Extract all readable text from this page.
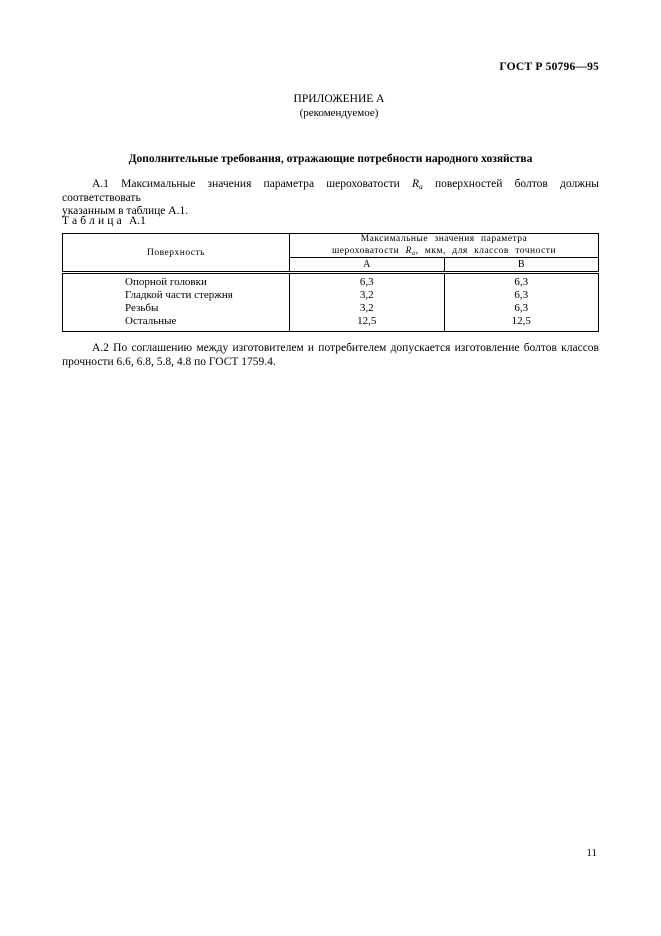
ГОСТ Р 50796—95
ПРИЛОЖЕНИЕ А
(рекомендуемое)
Дополнительные требования, отражающие потребности народного хозяйства
А.1 Максимальные значения параметра шероховатости $R_a$ поверхностей болтов должны соответствовать
указанным в таблице А.1.
Таблица А.1
Поверхность	Максимальные значения параметра
шероховатости $R_a$, мкм, для классов точности	
	А	В
Опорной головки	6,3	6,3
Гладкой части стержня	3,2	6,3
Резьбы	3,2	6,3
Остальные	12,5	12,5
А.2 По соглашению между изготовителем и потребителем допускается изготовление болтов классов
прочности 6.6, 6.8, 5.8, 4.8 по ГОСТ 1759.4.
11
